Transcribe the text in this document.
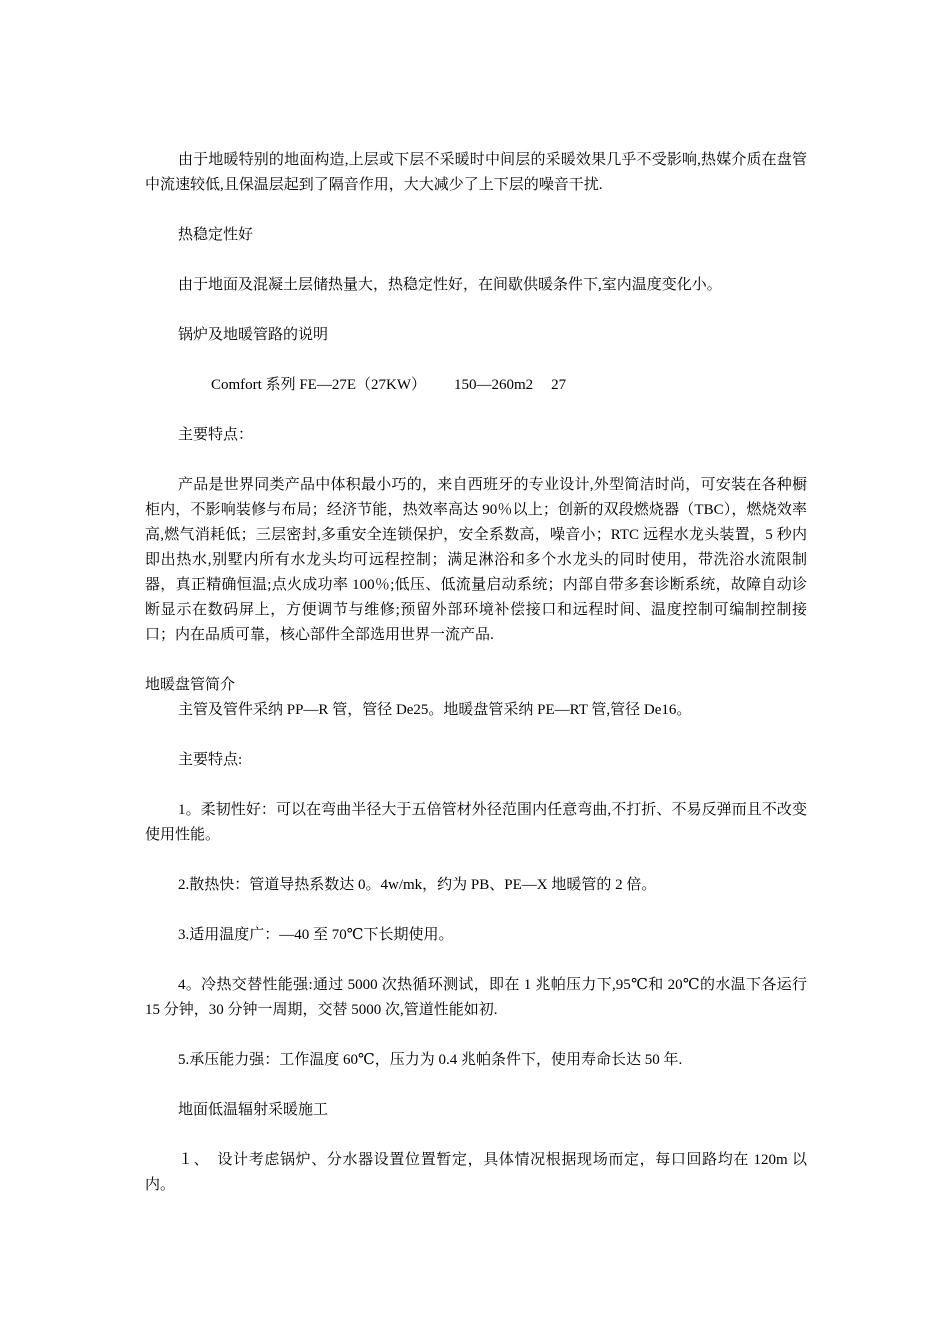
由于地暖特别的地面构造,上层或下层不采暖时中间层的采暖效果几乎不受影响,热媒介质在盘管中流速较低,且保温层起到了隔音作用，大大减少了上下层的噪音干扰.

热稳定性好

由于地面及混凝土层储热量大，热稳定性好，在间歇供暖条件下,室内温度变化小。

锅炉及地暖管路的说明

Comfort 系列 FE—27E（27KW） 150—260m2 27

主要特点：

产品是世界同类产品中体积最小巧的，来自西班牙的专业设计,外型简洁时尚，可安装在各种橱柜内，不影响装修与布局；经济节能，热效率高达 90％以上；创新的双段燃烧器（TBC），燃烧效率高,燃气消耗低；三层密封,多重安全连锁保护，安全系数高，噪音小；RTC 远程水龙头装置，5 秒内即出热水,别墅内所有水龙头均可远程控制；满足淋浴和多个水龙头的同时使用，带洗浴水流限制器，真正精确恒温;点火成功率 100％;低压、低流量启动系统；内部自带多套诊断系统，故障自动诊断显示在数码屏上，方便调节与维修;预留外部环境补偿接口和远程时间、温度控制可编制控制接口；内在品质可靠，核心部件全部选用世界一流产品.

地暖盘管简介

主管及管件采纳 PP—R 管，管径 De25。地暖盘管采纳 PE—RT 管,管径 De16。

主要特点:

1。柔韧性好：可以在弯曲半径大于五倍管材外径范围内任意弯曲,不打折、不易反弹而且不改变使用性能。

2.散热快：管道导热系数达 0。4w/mk，约为 PB、PE—X 地暖管的 2 倍。

3.适用温度广：—40 至 70℃下长期使用。

4。冷热交替性能强:通过 5000 次热循环测试，即在 1 兆帕压力下,95℃和 20℃的水温下各运行 15 分钟，30 分钟一周期，交替 5000 次,管道性能如初.

5.承压能力强：工作温度 60℃，压力为 0.4 兆帕条件下，使用寿命长达 50 年.

地面低温辐射采暖施工

１、　设计考虑锅炉、分水器设置位置暂定，具体情况根据现场而定，每口回路均在 120m 以内。
